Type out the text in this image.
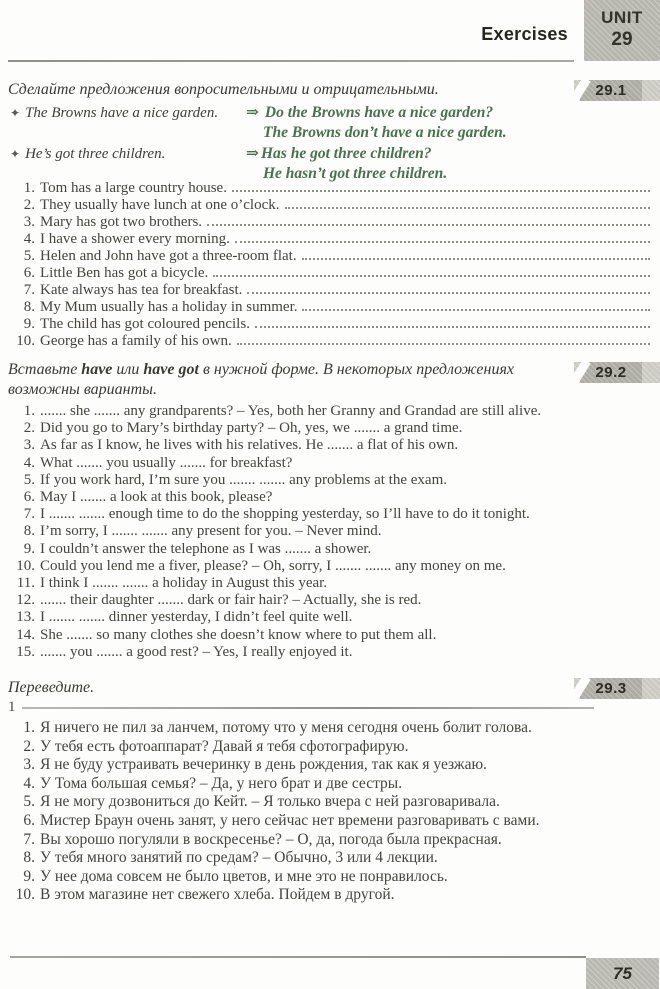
Exercises
UNIT
29
Сделайте предложения вопросительными и отрицательными.	29.1
✦ The Browns have a nice garden.	⇒ Do the Browns have a nice garden?
The Browns don’t have a nice garden.
✦ He’s got three children.	⇒ Has he got three children?
He hasn’t got three children.
1. Tom has a large country house.
2. They usually have lunch at one o’clock.
3. Mary has got two brothers.
4. I have a shower every morning.
5. Helen and John have got a three-room flat.
6. Little Ben has got a bicycle.
7. Kate always has tea for breakfast.
8. My Mum usually has a holiday in summer.
9. The child has got coloured pencils.
10. George has a family of his own.
Вставьте have или have got в нужной форме. В некоторых предложениях возможны варианты.
29.2
1. ....... she ....... any grandparents? – Yes, both her Granny and Grandad are still alive.
2. Did you go to Mary’s birthday party? – Oh, yes, we ....... a grand time.
3. As far as I know, he lives with his relatives. He ....... a flat of his own.
4. What ....... you usually ....... for breakfast?
5. If you work hard, I’m sure you ....... ....... any problems at the exam.
6. May I ....... a look at this book, please?
7. I ....... ....... enough time to do the shopping yesterday, so I’ll have to do it tonight.
8. I’m sorry, I ....... ....... any present for you. – Never mind.
9. I couldn’t answer the telephone as I was ....... a shower.
10. Could you lend me a fiver, please? – Oh, sorry, I ....... ....... any money on me.
11. I think I ....... ....... a holiday in August this year.
12. ....... their daughter ....... dark or fair hair? – Actually, she is red.
13. I ....... ....... dinner yesterday, I didn’t feel quite well.
14. She ....... so many clothes she doesn’t know where to put them all.
15. ....... you ....... a good rest? – Yes, I really enjoyed it.
Переведите.	29.3
1
1. Я ничего не пил за ланчем, потому что у меня сегодня очень болит голова.
2. У тебя есть фотоаппарат? Давай я тебя сфотографирую.
3. Я не буду устраивать вечеринку в день рождения, так как я уезжаю.
4. У Тома большая семья? – Да, у него брат и две сестры.
5. Я не могу дозвониться до Кейт. – Я только вчера с ней разговаривала.
6. Мистер Браун очень занят, у него сейчас нет времени разговаривать с вами.
7. Вы хорошо погуляли в воскресенье? – О, да, погода была прекрасная.
8. У тебя много занятий по средам? – Обычно, 3 или 4 лекции.
9. У нее дома совсем не было цветов, и мне это не понравилось.
10. В этом магазине нет свежего хлеба. Пойдем в другой.
75
